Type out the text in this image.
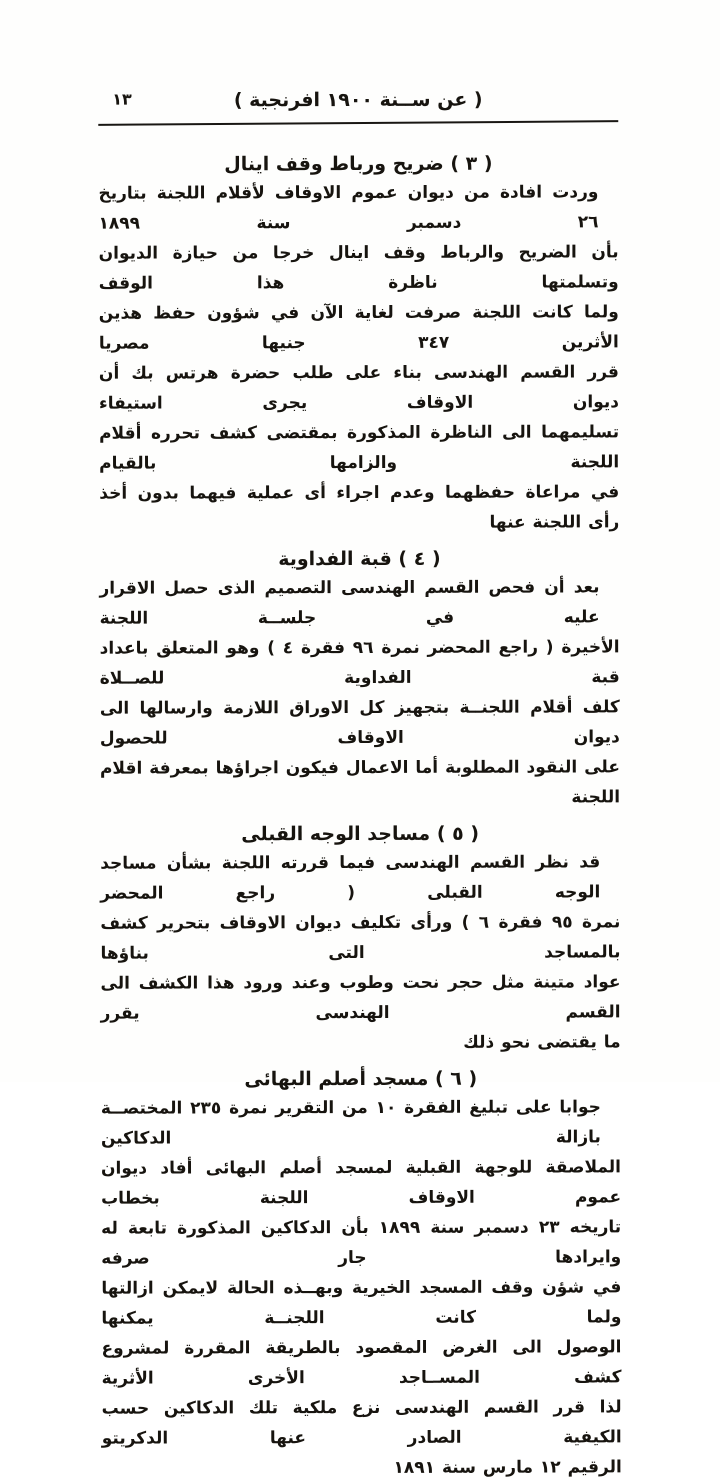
١٣	( عن ســنة ١٩٠٠ افرنجية )
( ٣ ) ضريح ورباط وقف اينال
وردت افادة من ديوان عموم الاوقاف لأقلام اللجنة بتاريخ ٢٦ دسمبر سنة ١٨٩٩
بأن الضريح والرباط وقف اينال خرجا من حيازة الديوان وتسلمتها ناظرة هذا الوقف
ولما كانت اللجنة صرفت لغاية الآن في شؤون حفظ هذين الأثرين ٣٤٧ جنيها مصريا
قرر القسم الهندسى بناء على طلب حضرة هرتس بك أن ديوان الاوقاف يجرى استيفاء
تسليمهما الى الناظرة المذكورة بمقتضى كشف تحرره أقلام اللجنة والزامها بالقيام
في مراعاة حفظهما وعدم اجراء أى عملية فيهما بدون أخذ رأى اللجنة عنها
( ٤ ) قبة الفداوية
بعد أن فحص القسم الهندسى التصميم الذى حصل الاقرار عليه في جلســة اللجنة
الأخيرة ( راجع المحضر نمرة ٩٦ فقرة ٤ ) وهو المتعلق باعداد قبة الفداوية للصــلاة
كلف أقلام اللجنــة بتجهيز كل الاوراق اللازمة وارسالها الى ديوان الاوقاف للحصول
على النقود المطلوبة أما الاعمال فيكون اجراؤها بمعرفة اقلام اللجنة
( ٥ ) مساجد الوجه القبلى
قد نظر القسم الهندسى فيما قررته اللجنة بشأن مساجد الوجه القبلى ( راجع المحضر
نمرة ٩٥ فقرة ٦ ) ورأى تكليف ديوان الاوقاف بتحرير كشف بالمساجد التى بناؤها
عواد متينة مثل حجر نحت وطوب وعند ورود هذا الكشف الى القسم الهندسى يقرر
ما يقتضى نحو ذلك
( ٦ ) مسجد أصلم البهائى
جوابا على تبليغ الفقرة ١٠ من التقرير نمرة ٢٣٥ المختصــة بازالة الدكاكين
الملاصقة للوجهة القبلية لمسجد أصلم البهائى أفاد ديوان عموم الاوقاف اللجنة بخطاب
تاريخه ٢٣ دسمبر سنة ١٨٩٩ بأن الدكاكين المذكورة تابعة له وايرادها جار صرفه
في شؤن وقف المسجد الخيرية وبهــذه الحالة لايمكن ازالتها ولما كانت اللجنــة يمكنها
الوصول الى الغرض المقصود بالطريقة المقررة لمشروع كشف المســاجد الأخرى الأثرية
لذا قرر القسم الهندسى نزع ملكية تلك الدكاكين حسب الكيفية الصادر عنها الدكريتو
الرقيم ١٢ مارس سنة ١٨٩١
